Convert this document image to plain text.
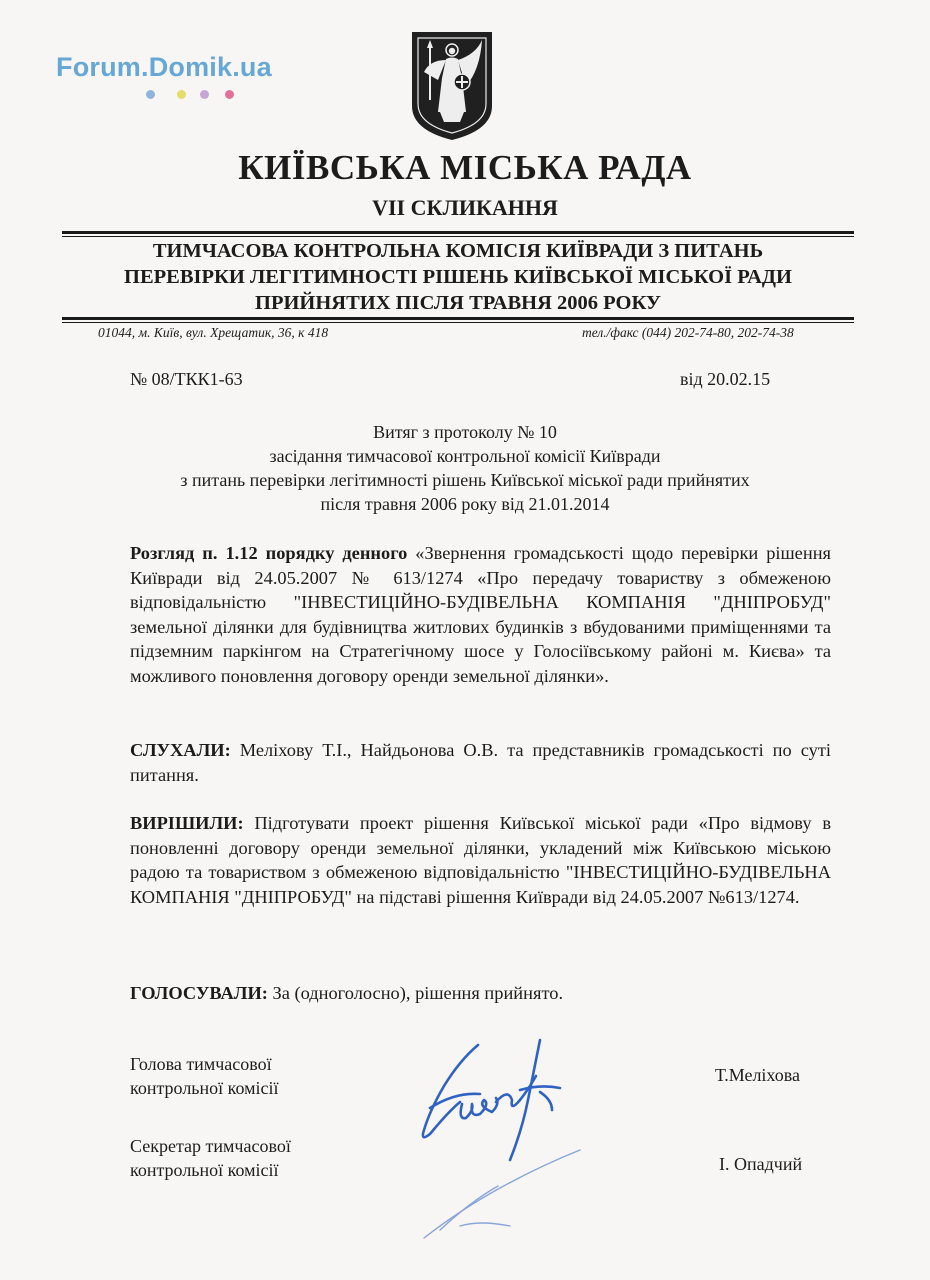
Forum.Domik.ua
КИЇВСЬКА МІСЬКА РАДА
VII СКЛИКАННЯ
ТИМЧАСОВА КОНТРОЛЬНА КОМІСІЯ КИЇВРАДИ З ПИТАНЬ
ПЕРЕВІРКИ ЛЕГІТИМНОСТІ РІШЕНЬ КИЇВСЬКОЇ МІСЬКОЇ РАДИ
ПРИЙНЯТИХ ПІСЛЯ ТРАВНЯ 2006 РОКУ
01044, м. Київ, вул. Хрещатик, 36, к 418	тел./факс (044) 202-74-80, 202-74-38
№ 08/ТКК1-63	від 20.02.15
Витяг з протоколу № 10
засідання тимчасової контрольної комісії Київради
з питань перевірки легітимності рішень Київської міської ради прийнятих
після травня 2006 року від 21.01.2014
Розгляд п. 1.12 порядку денного «Звернення громадськості щодо перевірки рішення Київради від 24.05.2007 № 613/1274 «Про передачу товариству з обмеженою відповідальністю "ІНВЕСТИЦІЙНО-БУДІВЕЛЬНА КОМПАНІЯ "ДНІПРОБУД" земельної ділянки для будівництва житлових будинків з вбудованими приміщеннями та підземним паркінгом на Стратегічному шосе у Голосіївському районі м. Києва» та можливого поновлення договору оренди земельної ділянки».
СЛУХАЛИ: Меліхову Т.І., Найдьонова О.В. та представників громадськості по суті питання.
ВИРІШИЛИ: Підготувати проект рішення Київської міської ради «Про відмову в поновленні договору оренди земельної ділянки, укладений між Київською міською радою та товариством з обмеженою відповідальністю "ІНВЕСТИЦІЙНО-БУДІВЕЛЬНА КОМПАНІЯ "ДНІПРОБУД" на підставі рішення Київради від 24.05.2007 №613/1274.
ГОЛОСУВАЛИ: За (одноголосно), рішення прийнято.
Голова тимчасової
контрольної комісії
Т.Меліхова
Секретар тимчасової
контрольної комісії	І. Опадчий
